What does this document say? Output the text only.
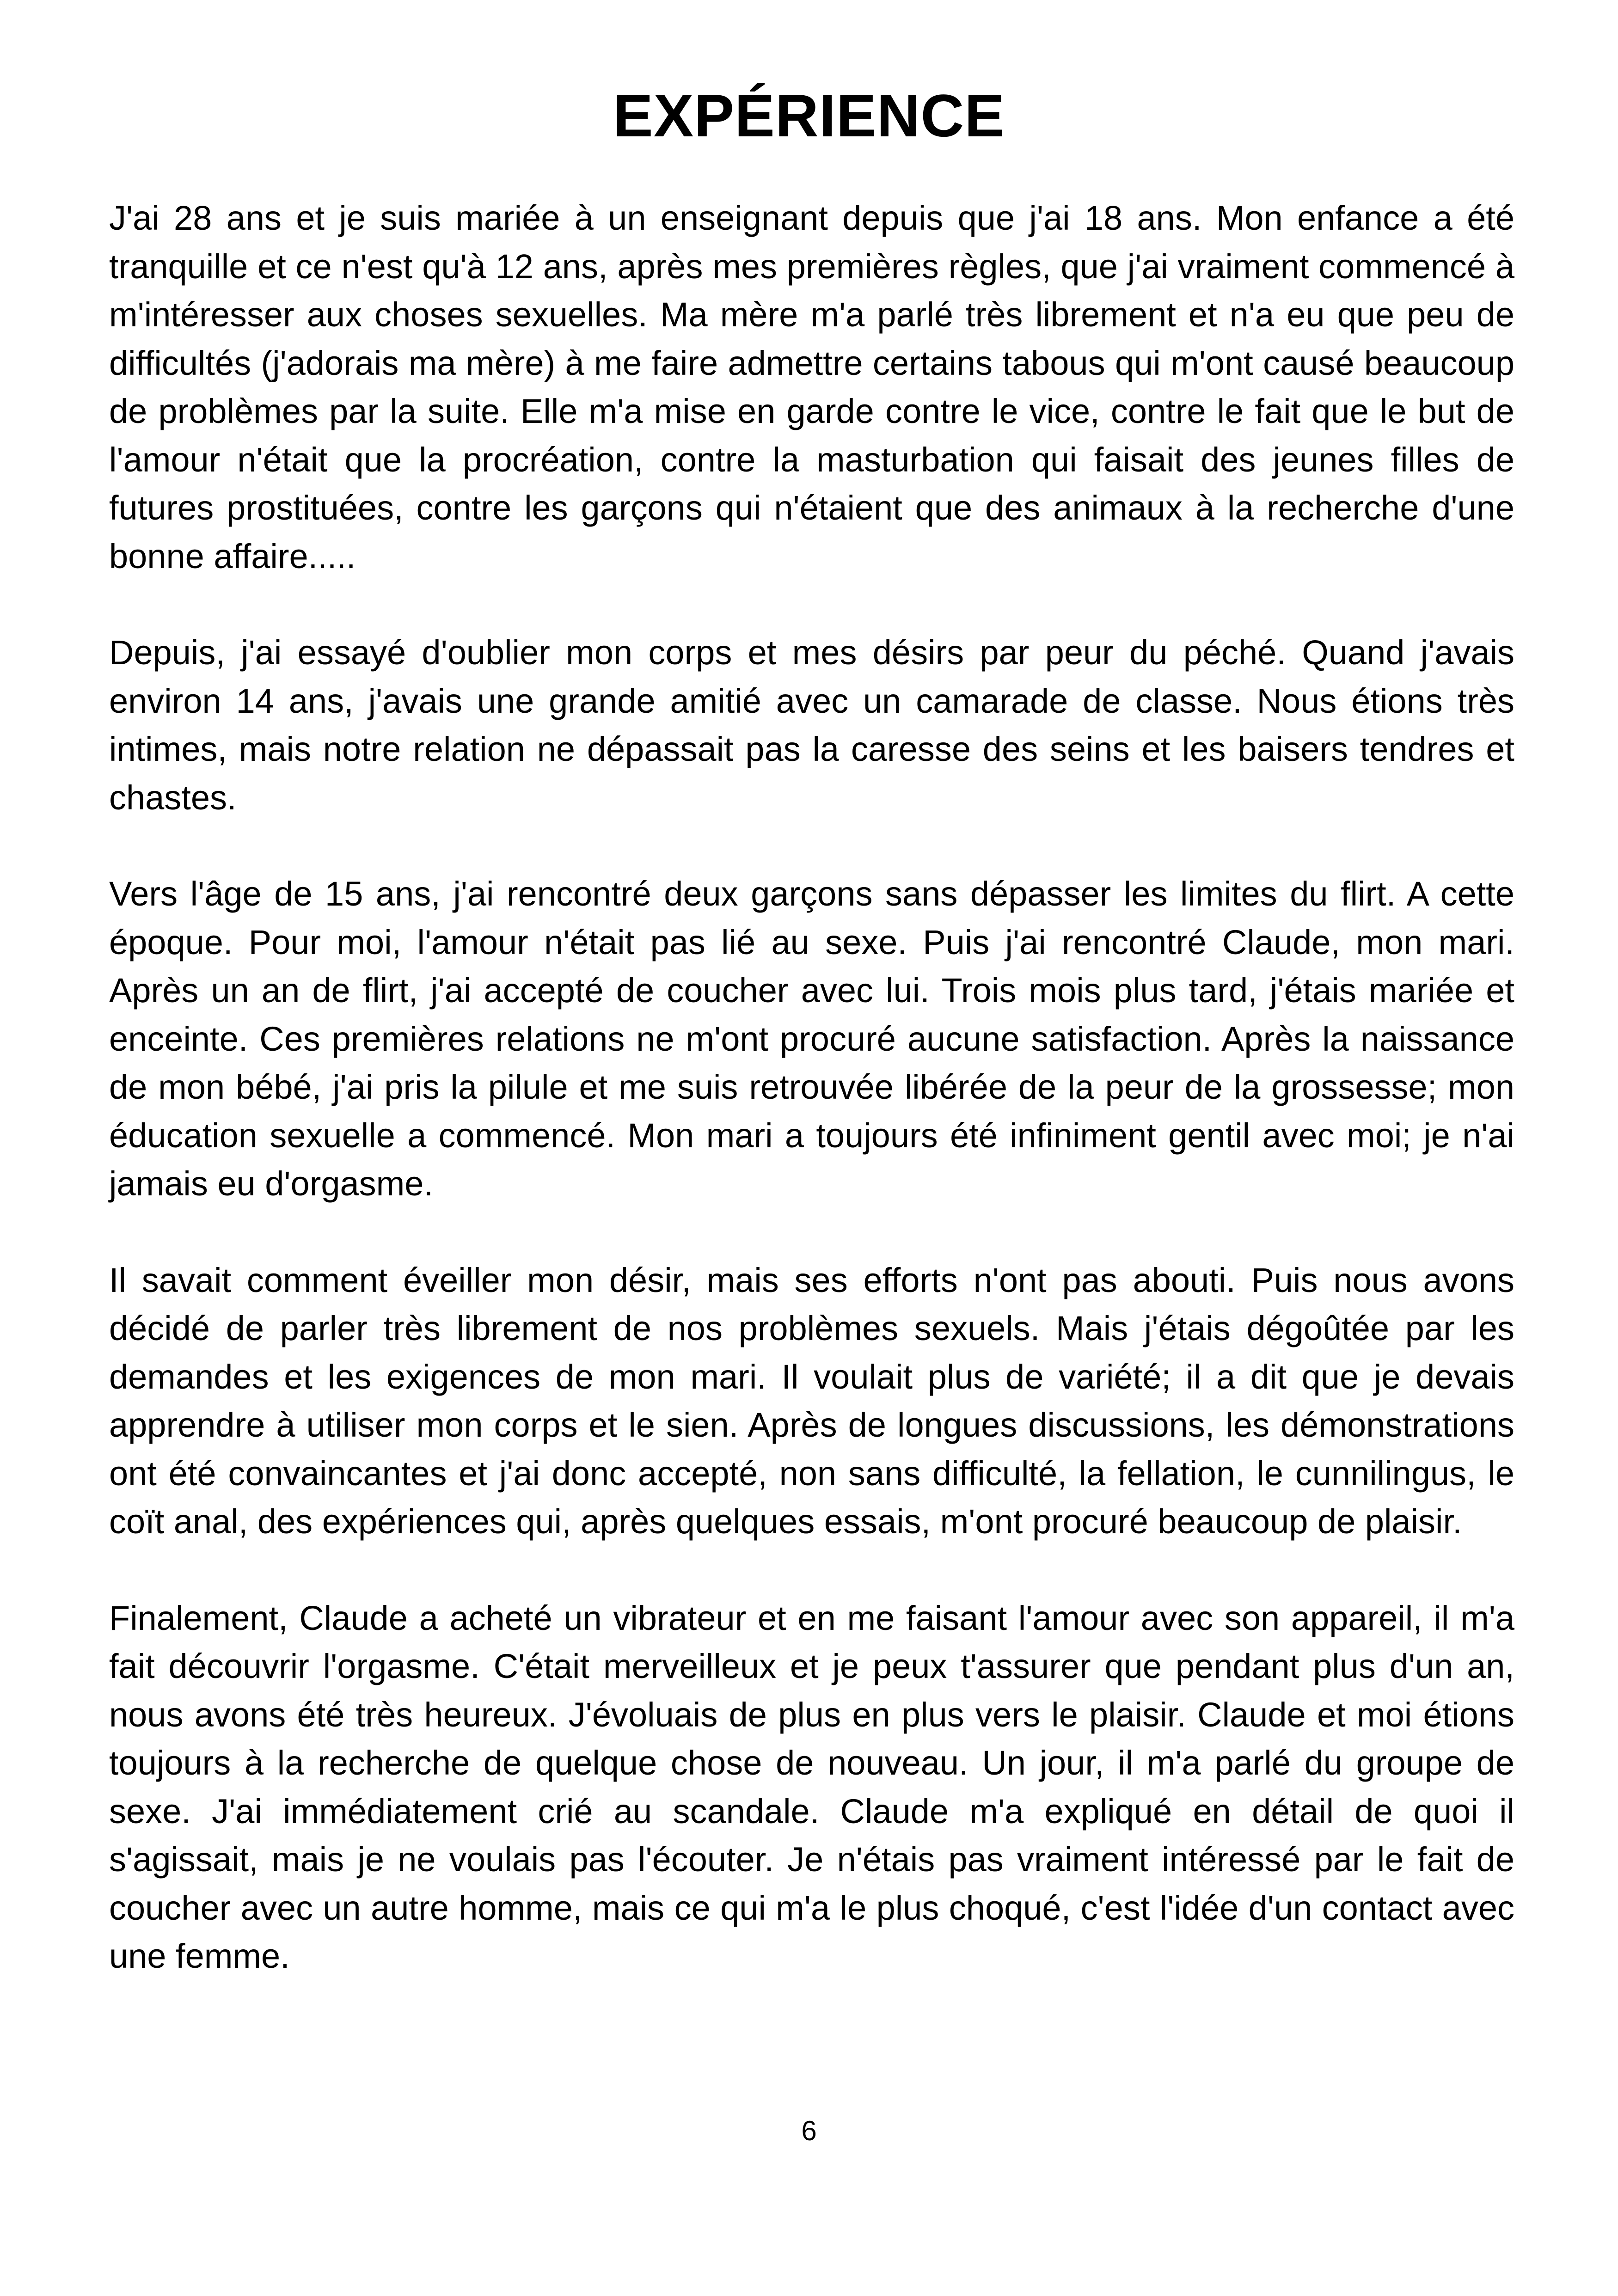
EXPÉRIENCE

J'ai 28 ans et je suis mariée à un enseignant depuis que j'ai 18 ans. Mon enfance a été tranquille et ce n'est qu'à 12 ans, après mes premières règles, que j'ai vraiment commencé à m'intéresser aux choses sexuelles. Ma mère m'a parlé très librement et n'a eu que peu de difficultés (j'adorais ma mère) à me faire admettre certains tabous qui m'ont causé beaucoup de problèmes par la suite. Elle m'a mise en garde contre le vice, contre le fait que le but de l'amour n'était que la procréation, contre la masturbation qui faisait des jeunes filles de futures prostituées, contre les garçons qui n'étaient que des animaux à la recherche d'une bonne affaire.....

Depuis, j'ai essayé d'oublier mon corps et mes désirs par peur du péché. Quand j'avais environ 14 ans, j'avais une grande amitié avec un camarade de classe. Nous étions très intimes, mais notre relation ne dépassait pas la caresse des seins et les baisers tendres et chastes.

Vers l'âge de 15 ans, j'ai rencontré deux garçons sans dépasser les limites du flirt. A cette époque. Pour moi, l'amour n'était pas lié au sexe. Puis j'ai rencontré Claude, mon mari. Après un an de flirt, j'ai accepté de coucher avec lui. Trois mois plus tard, j'étais mariée et enceinte. Ces premières relations ne m'ont procuré aucune satisfaction. Après la naissance de mon bébé, j'ai pris la pilule et me suis retrouvée libérée de la peur de la grossesse; mon éducation sexuelle a commencé. Mon mari a toujours été infiniment gentil avec moi; je n'ai jamais eu d'orgasme.

Il savait comment éveiller mon désir, mais ses efforts n'ont pas abouti. Puis nous avons décidé de parler très librement de nos problèmes sexuels. Mais j'étais dégoûtée par les demandes et les exigences de mon mari. Il voulait plus de variété; il a dit que je devais apprendre à utiliser mon corps et le sien. Après de longues discussions, les démonstrations ont été convaincantes et j'ai donc accepté, non sans difficulté, la fellation, le cunnilingus, le coït anal, des expériences qui, après quelques essais, m'ont procuré beaucoup de plaisir.

Finalement, Claude a acheté un vibrateur et en me faisant l'amour avec son appareil, il m'a fait découvrir l'orgasme. C'était merveilleux et je peux t'assurer que pendant plus d'un an, nous avons été très heureux. J'évoluais de plus en plus vers le plaisir. Claude et moi étions toujours à la recherche de quelque chose de nouveau. Un jour, il m'a parlé du groupe de sexe. J'ai immédiatement crié au scandale. Claude m'a expliqué en détail de quoi il s'agissait, mais je ne voulais pas l'écouter. Je n'étais pas vraiment intéressé par le fait de coucher avec un autre homme, mais ce qui m'a le plus choqué, c'est l'idée d'un contact avec une femme.

6
